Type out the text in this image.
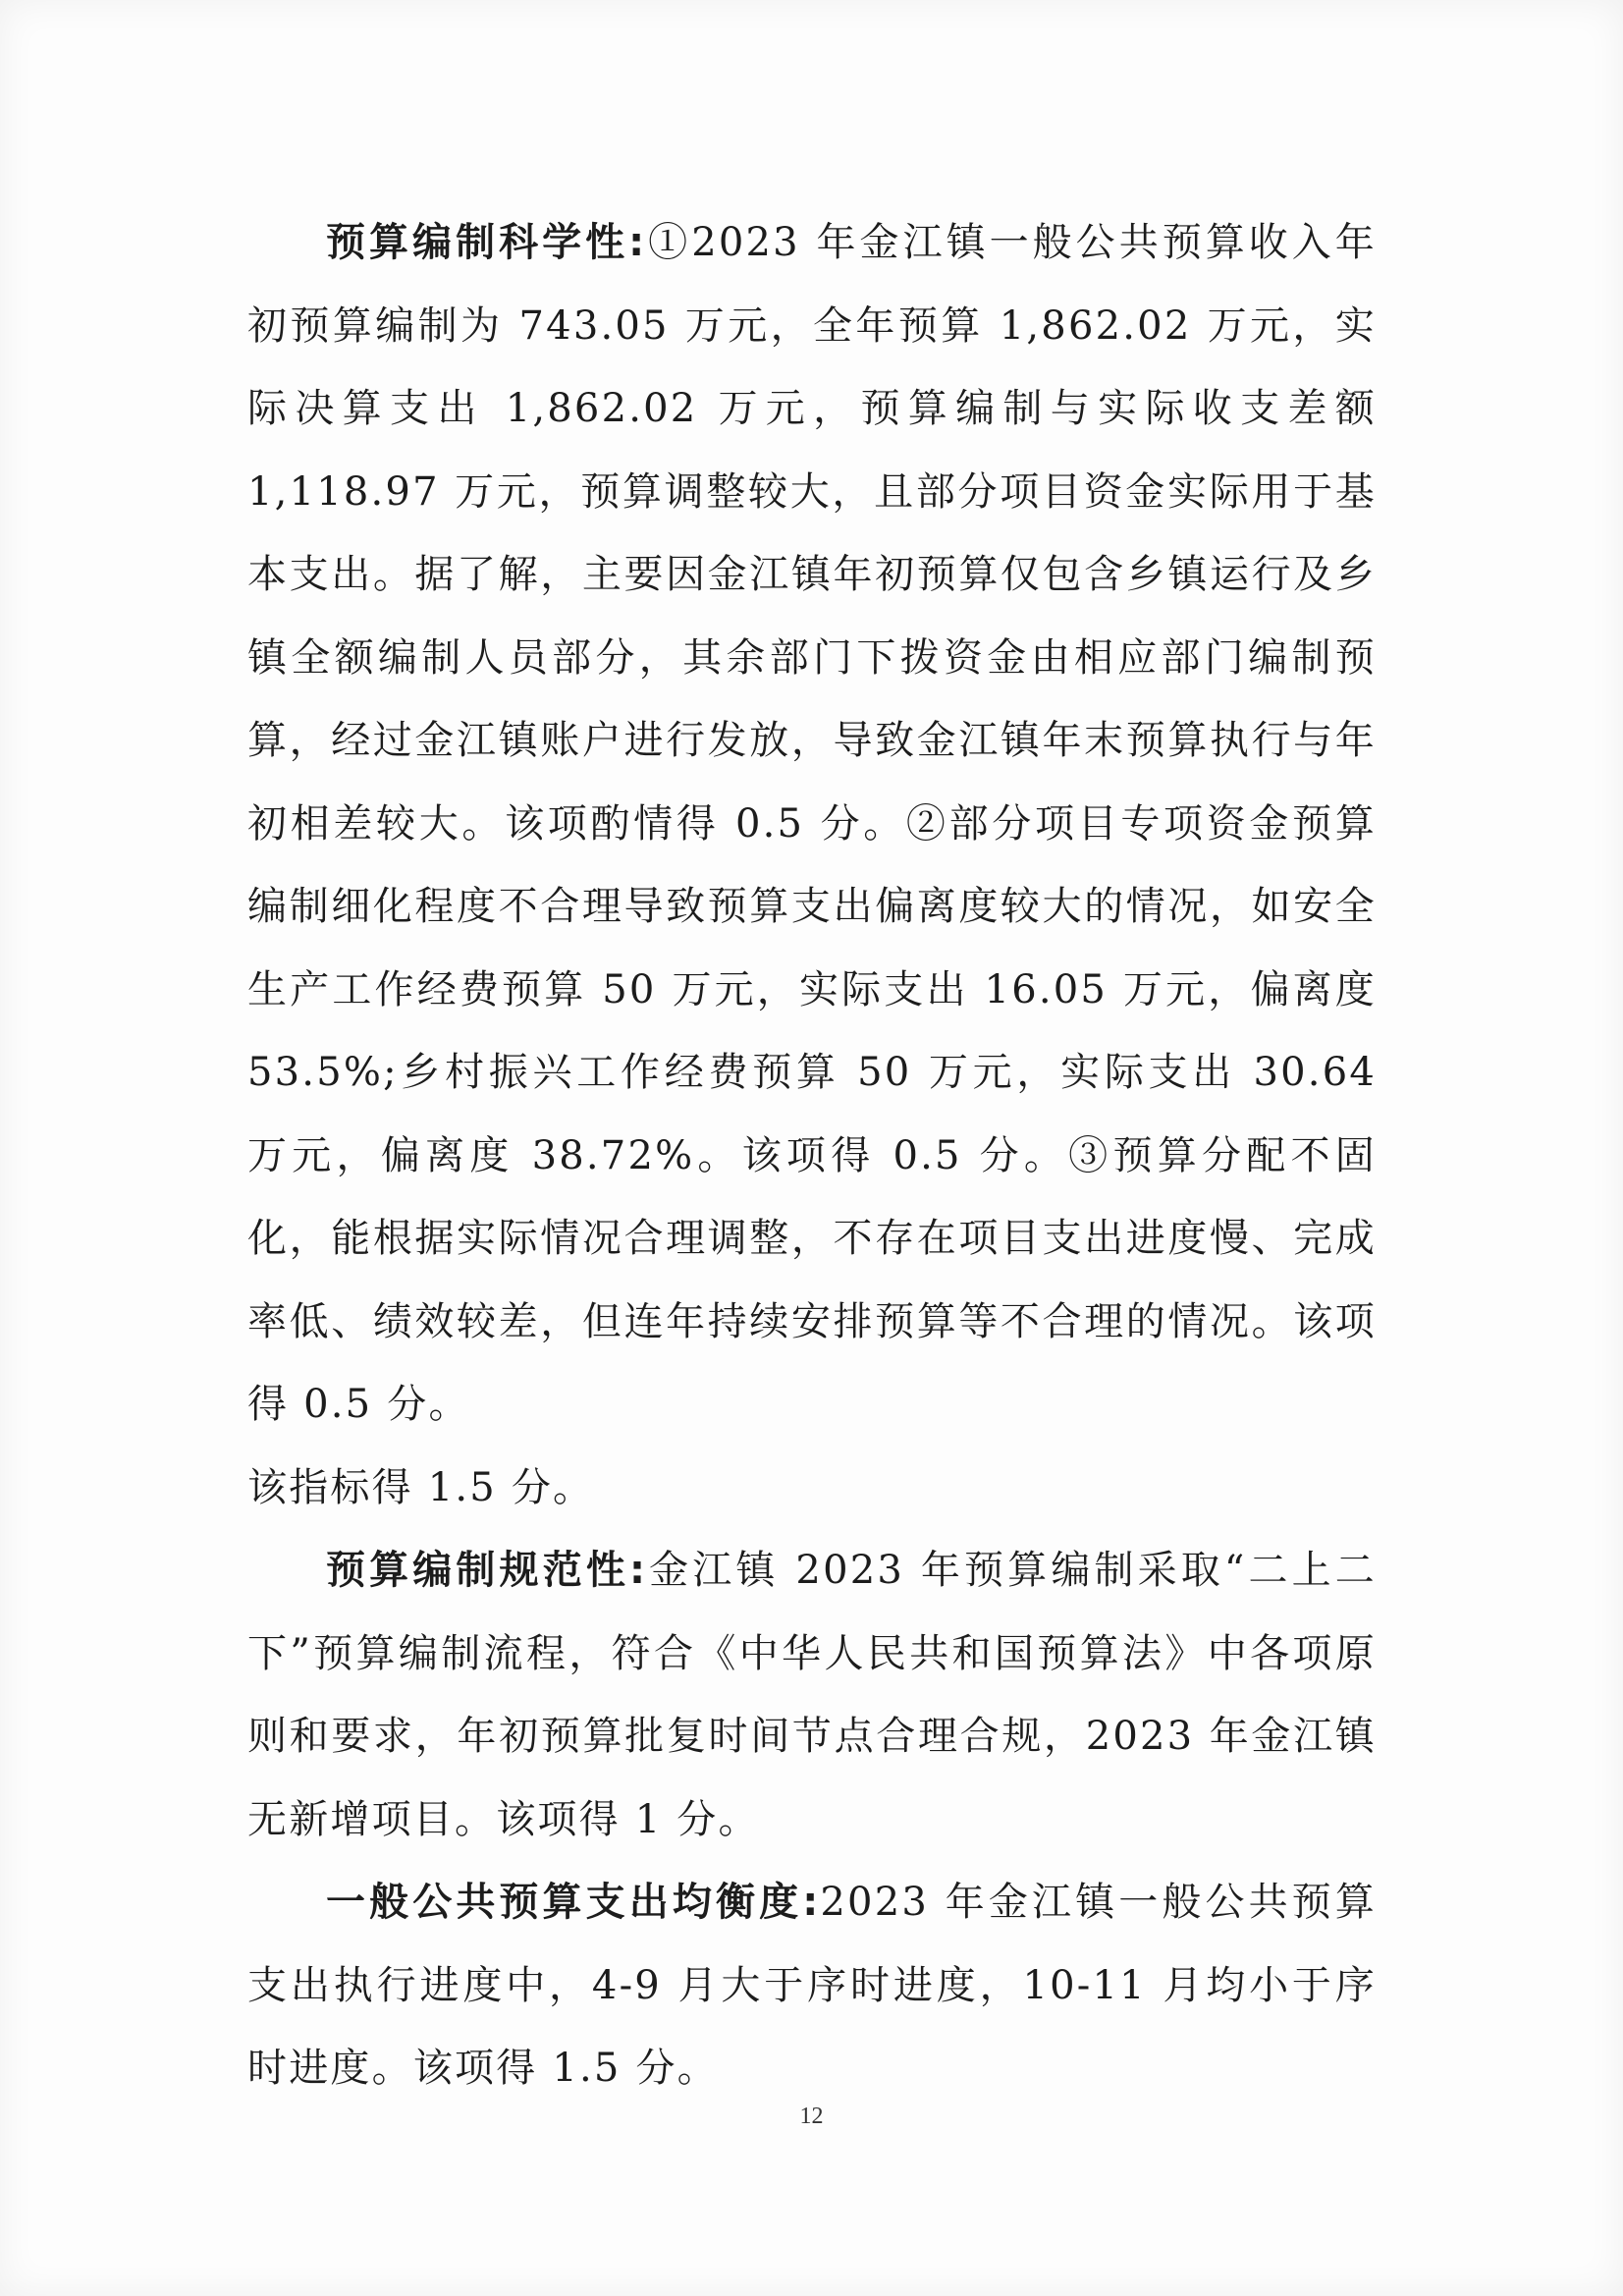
预算编制科学性:①2023 年金江镇一般公共预算收入年初预算编制为 743.05 万元，全年预算 1,862.02 万元，实际决算支出 1,862.02 万元，预算编制与实际收支差额 1,118.97 万元，预算调整较大，且部分项目资金实际用于基本支出。据了解，主要因金江镇年初预算仅包含乡镇运行及乡镇全额编制人员部分，其余部门下拨资金由相应部门编制预算，经过金江镇账户进行发放，导致金江镇年末预算执行与年初相差较大。该项酌情得 0.5 分。②部分项目专项资金预算编制细化程度不合理导致预算支出偏离度较大的情况，如安全生产工作经费预算 50 万元，实际支出 16.05 万元，偏离度 53.5%;乡村振兴工作经费预算 50 万元，实际支出 30.64 万元，偏离度 38.72%。该项得 0.5 分。③预算分配不固化，能根据实际情况合理调整，不存在项目支出进度慢、完成率低、绩效较差，但连年持续安排预算等不合理的情况。该项得 0.5 分。

该指标得 1.5 分。

预算编制规范性:金江镇 2023 年预算编制采取“二上二下”预算编制流程，符合《中华人民共和国预算法》中各项原则和要求，年初预算批复时间节点合理合规，2023 年金江镇无新增项目。该项得 1 分。

一般公共预算支出均衡度:2023 年金江镇一般公共预算支出执行进度中，4-9 月大于序时进度，10-11 月均小于序时进度。该项得 1.5 分。

12
